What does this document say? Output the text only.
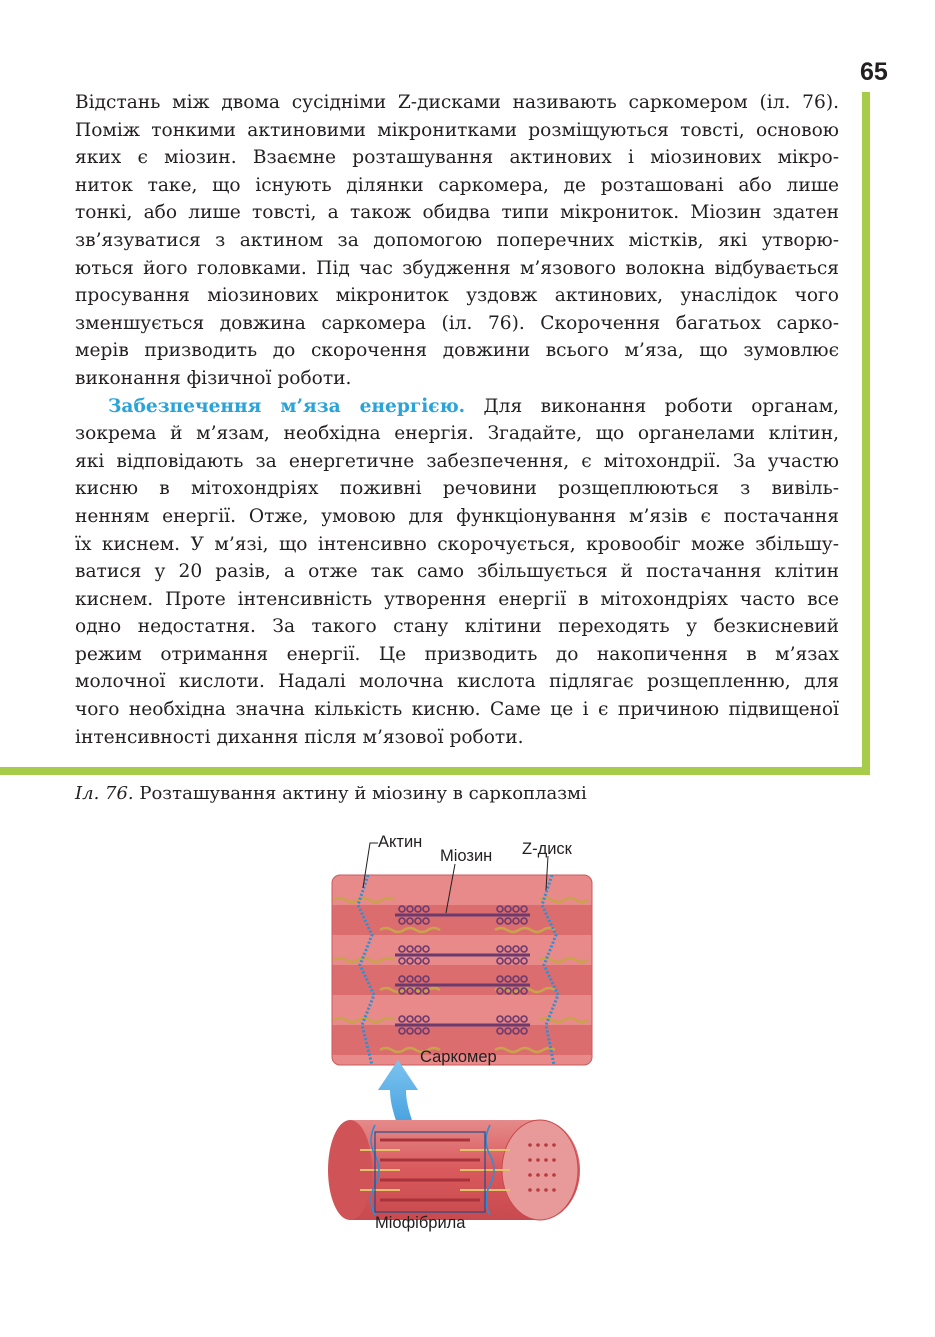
65
Відстань між двома сусідніми Z-дисками називають саркомером (іл. 76).
Поміж тонкими актиновими мікронитками розміщуються товсті, основою
яких є міозин. Взаємне розташування актинових і міозинових мікро-
ниток таке, що існують ділянки саркомера, де розташовані або лише
тонкі, або лише товсті, а також обидва типи мікрониток. Міозин здатен
зв’язуватися з актином за допомогою поперечних містків, які утворю-
ються його головками. Під час збудження м’язового волокна відбувається
просування міозинових мікрониток уздовж актинових, унаслідок чого
зменшується довжина саркомера (іл. 76). Скорочення багатьох сарко-
мерів призводить до скорочення довжини всього м’яза, що зумовлює
виконання фізичної роботи.
Забезпечення м’яза енергією. Для виконання роботи органам,
зокрема й м’язам, необхідна енергія. Згадайте, що органелами клітин,
які відповідають за енергетичне забезпечення, є мітохондрії. За участю
кисню в мітохондріях поживні речовини розщеплюються з вивіль-
ненням енергії. Отже, умовою для функціонування м’язів є постачання
їх киснем. У м’язі, що інтенсивно скорочується, кровообіг може збільшу-
ватися у 20 разів, а отже так само збільшується й постачання клітин
киснем. Проте інтенсивність утворення енергії в мітохондріях часто все
одно недостатня. За такого стану клітини переходять у безкисневий
режим отримання енергії. Це призводить до накопичення в м’язах
молочної кислоти. Надалі молочна кислота підлягає розщепленню, для
чого необхідна значна кількість кисню. Саме це і є причиною підвищеної
інтенсивності дихання після м’язової роботи.
Іл. 76. Розташування актину й міозину в саркоплазмі
Актин
Міозин Z-диск
Саркомер
Міофібрила
